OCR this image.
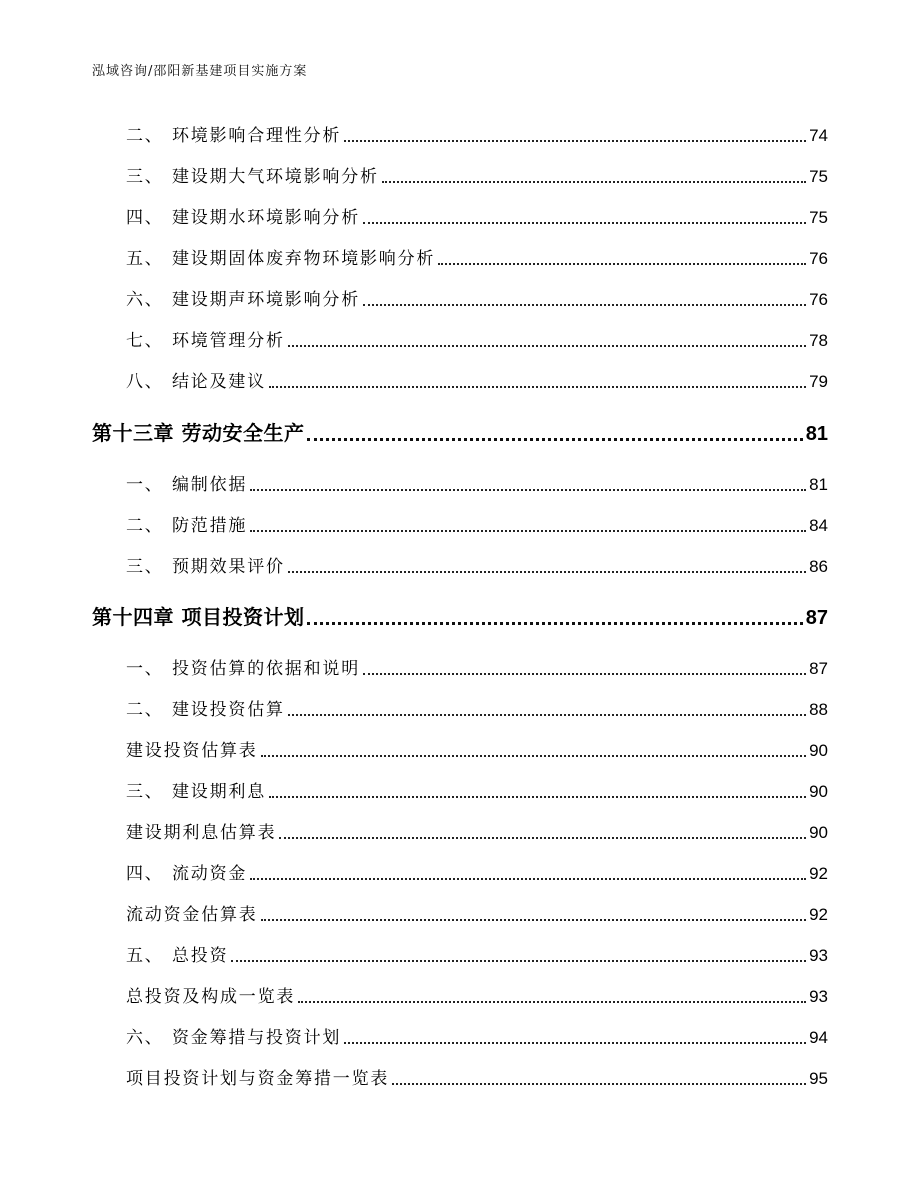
泓域咨询/邵阳新基建项目实施方案
二、 环境影响合理性分析	74
三、 建设期大气环境影响分析	75
四、 建设期水环境影响分析	75
五、 建设期固体废弃物环境影响分析	76
六、 建设期声环境影响分析	76
七、 环境管理分析	78
八、 结论及建议	79
第十三章 劳动安全生产	81
一、 编制依据	81
二、 防范措施	84
三、 预期效果评价	86
第十四章 项目投资计划	87
一、 投资估算的依据和说明	87
二、 建设投资估算	88
建设投资估算表	90
三、 建设期利息	90
建设期利息估算表	90
四、 流动资金	92
流动资金估算表	92
五、 总投资	93
总投资及构成一览表	93
六、 资金筹措与投资计划	94
项目投资计划与资金筹措一览表	95
